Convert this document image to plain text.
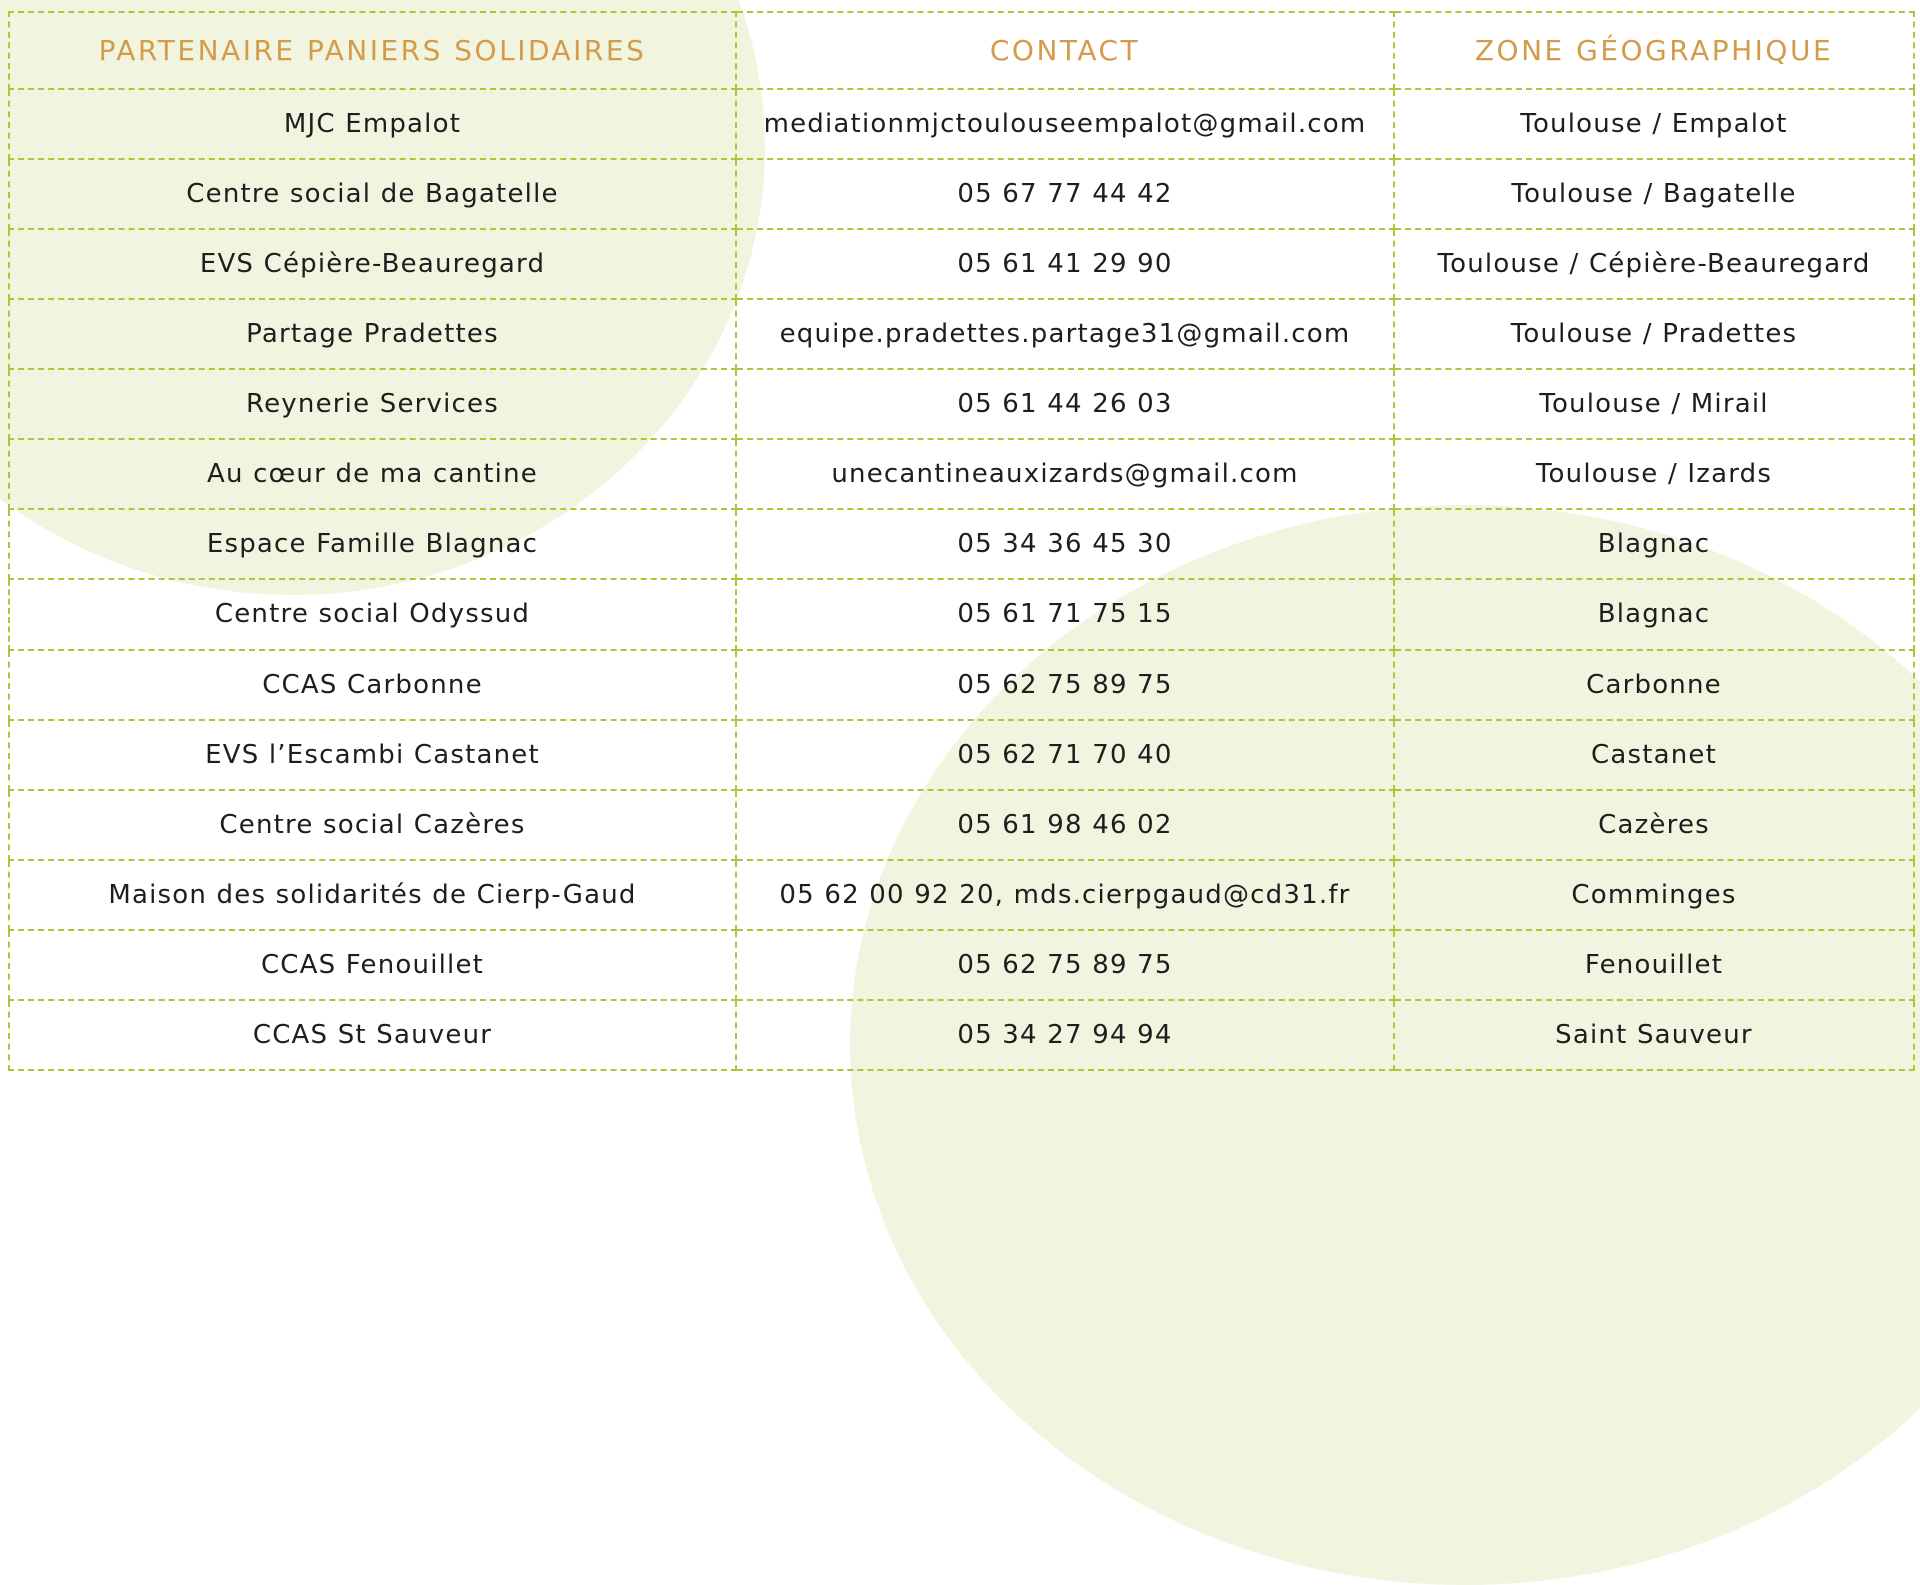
PARTENAIRE PANIERS SOLIDAIRES	CONTACT	ZONE GÉOGRAPHIQUE
MJC Empalot	mediationmjctoulouseempalot@gmail.com	Toulouse / Empalot
Centre social de Bagatelle	05 67 77 44 42	Toulouse / Bagatelle
EVS Cépière-Beauregard	05 61 41 29 90	Toulouse / Cépière-Beauregard
Partage Pradettes	equipe.pradettes.partage31@gmail.com	Toulouse / Pradettes
Reynerie Services	05 61 44 26 03	Toulouse / Mirail
Au cœur de ma cantine	unecantineauxizards@gmail.com	Toulouse / Izards
Espace Famille Blagnac	05 34 36 45 30	Blagnac
Centre social Odyssud	05 61 71 75 15	Blagnac
CCAS Carbonne	05 62 75 89 75	Carbonne
EVS l’Escambi Castanet	05 62 71 70 40	Castanet
Centre social Cazères	05 61 98 46 02	Cazères
Maison des solidarités de Cierp-Gaud	05 62 00 92 20, mds.cierpgaud@cd31.fr	Comminges
CCAS Fenouillet	05 62 75 89 75	Fenouillet
CCAS St Sauveur	05 34 27 94 94	Saint Sauveur
